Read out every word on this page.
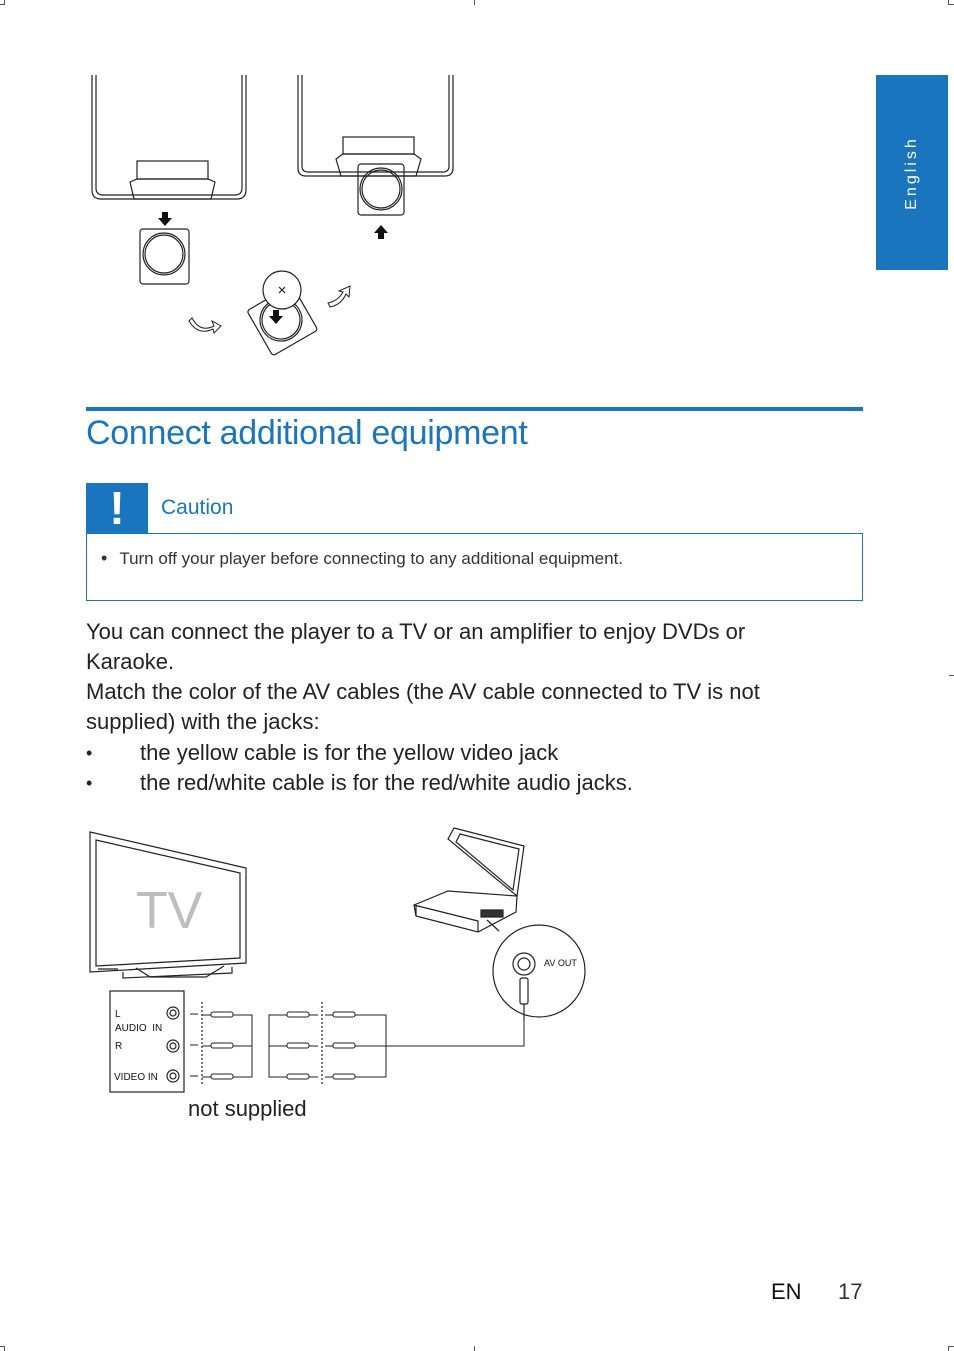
English
Connect additional equipment
!	Caution
• Turn off your player before connecting to any additional equipment.

You can connect the player to a TV or an amplifier to enjoy DVDs or Karaoke.

Match the color of the AV cables (the AV cable connected to TV is not supplied) with the jacks:

• the yellow cable is for the yellow video jack
• the red/white cable is for the red/white audio jacks.
TV
L
AUDIO  IN
R
VIDEO IN
AV OUT
not supplied
EN 17
